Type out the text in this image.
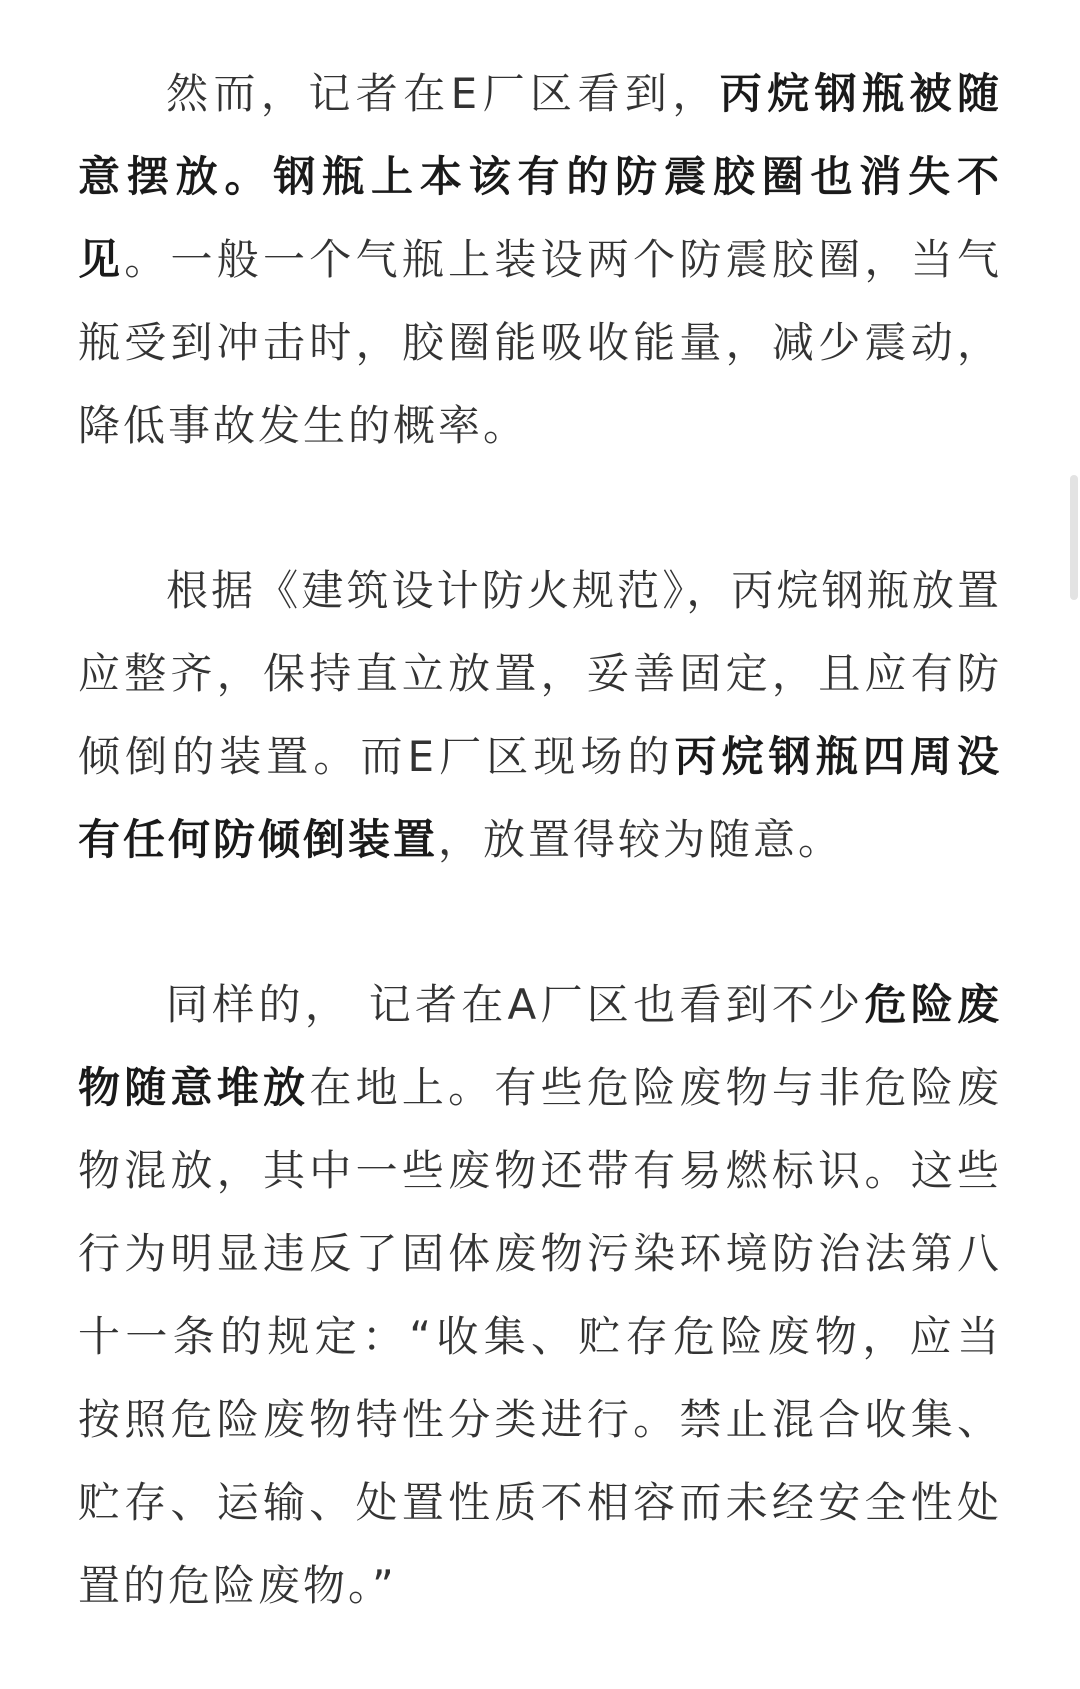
然而，记者在E厂区看到，丙烷钢瓶被随意摆放。钢瓶上本该有的防震胶圈也消失不见。一般一个气瓶上装设两个防震胶圈，当气瓶受到冲击时，胶圈能吸收能量，减少震动，降低事故发生的概率。

根据《建筑设计防火规范》，丙烷钢瓶放置应整齐，保持直立放置，妥善固定，且应有防倾倒的装置。而E厂区现场的丙烷钢瓶四周没有任何防倾倒装置，放置得较为随意。

同样的， 记者在A厂区也看到不少危险废物随意堆放在地上。有些危险废物与非危险废物混放，其中一些废物还带有易燃标识。这些行为明显违反了固体废物污染环境防治法第八十一条的规定：“收集、贮存危险废物，应当按照危险废物特性分类进行。禁止混合收集、贮存、运输、处置性质不相容而未经安全性处置的危险废物。”
